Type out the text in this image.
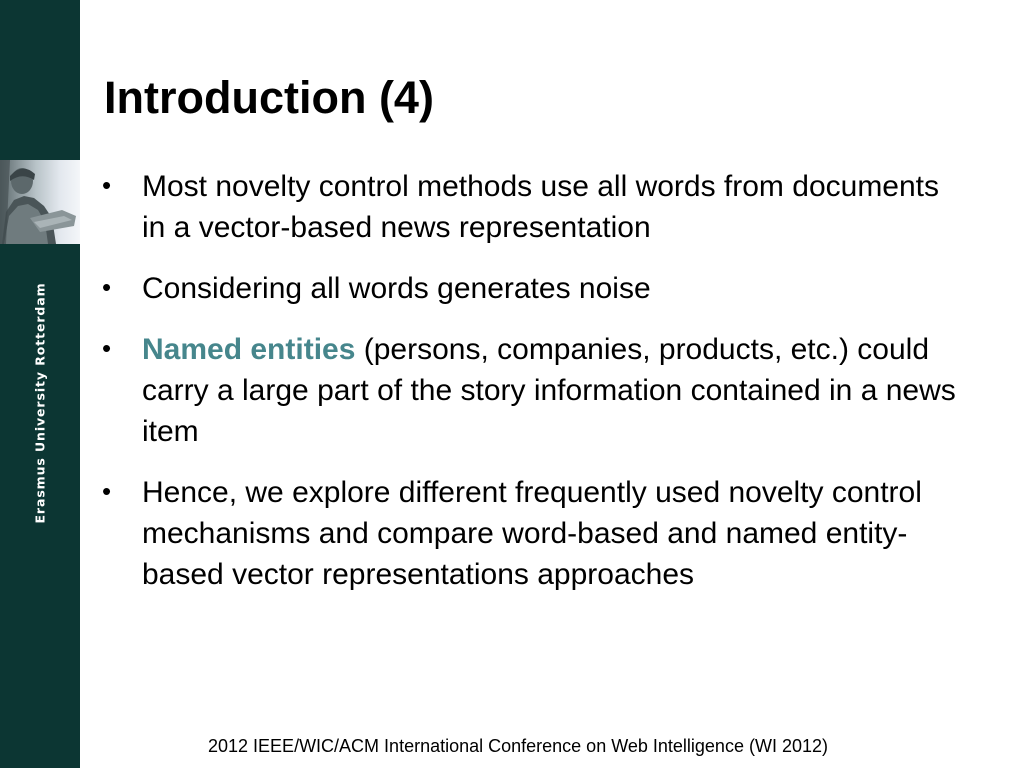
Erasmus University Rotterdam
Introduction (4)
• Most novelty control methods use all words from documents in a vector-based news representation
• Considering all words generates noise
• Named entities (persons, companies, products, etc.) could carry a large part of the story information contained in a news item
• Hence, we explore different frequently used novelty control mechanisms and compare word-based and named entity-based vector representations approaches
2012 IEEE/WIC/ACM International Conference on Web Intelligence (WI 2012)
